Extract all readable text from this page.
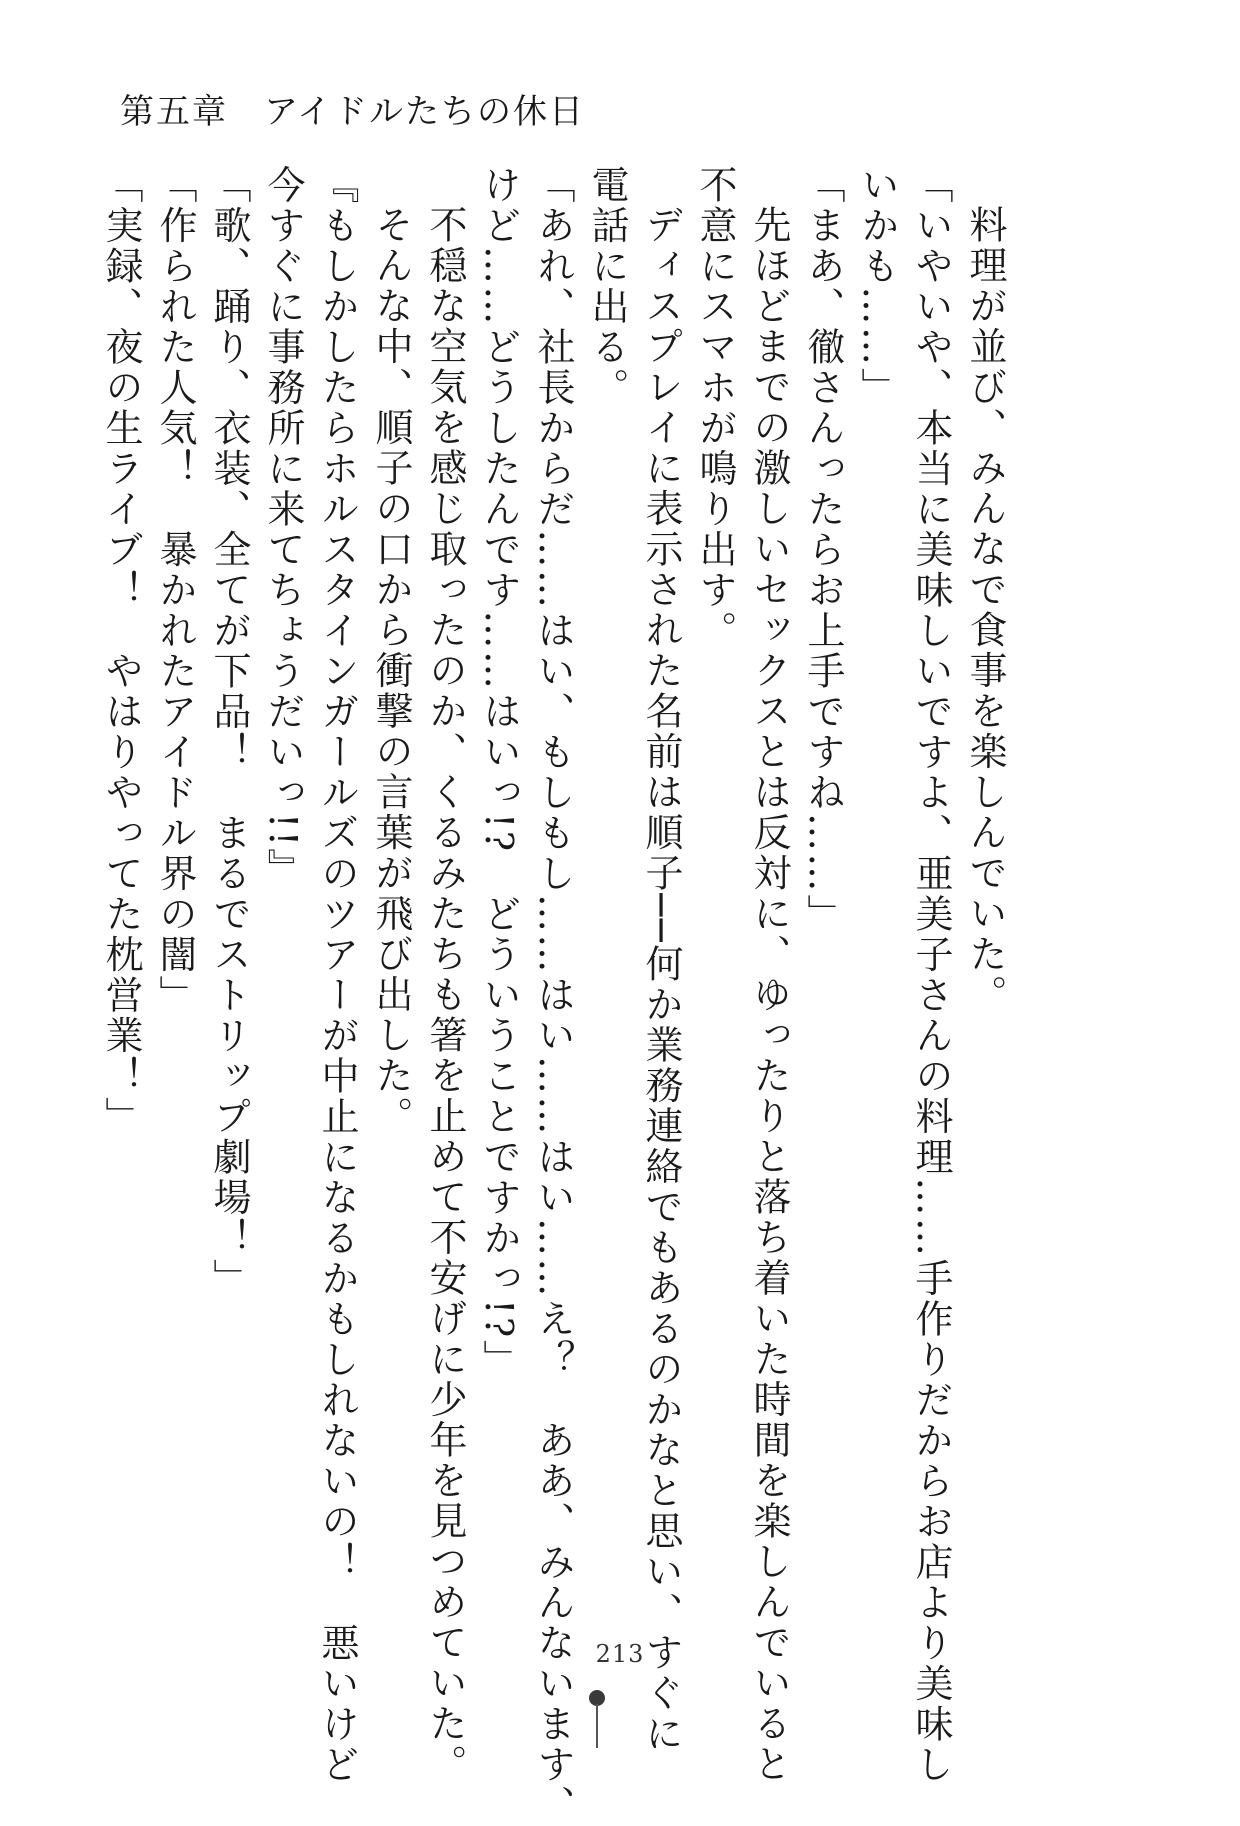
第五章　アイドルたちの休日

料理が並び、みんなで食事を楽しんでいた。

「いやいや、本当に美味しいですよ、亜美子さんの料理……手作りだからお店より美味し

いかも……」

「まあ、徹さんったらお上手ですね……」

先ほどまでの激しいセックスとは反対に、ゆったりと落ち着いた時間を楽しんでいると

不意にスマホが鳴り出す。

ディスプレイに表示された名前は順子──何か業務連絡でもあるのかなと思い、すぐに

電話に出る。

「あれ、社長からだ……はい、もしもし……はい……はい……え？　ああ、みんないます、

けど……どうしたんです……はいっ!?　どういうことですかっ!?」

不穏な空気を感じ取ったのか、くるみたちも箸を止めて不安げに少年を見つめていた。

そんな中、順子の口から衝撃の言葉が飛び出した。

『もしかしたらホルスタインガールズのツアーが中止になるかもしれないの！　悪いけど

今すぐに事務所に来てちょうだいっ!!』

「歌、踊り、衣装、全てが下品！　まるでストリップ劇場！」

「作られた人気！　暴かれたアイドル界の闇」

「実録、夜の生ライブ！　やはりやってた枕営業！」

213
